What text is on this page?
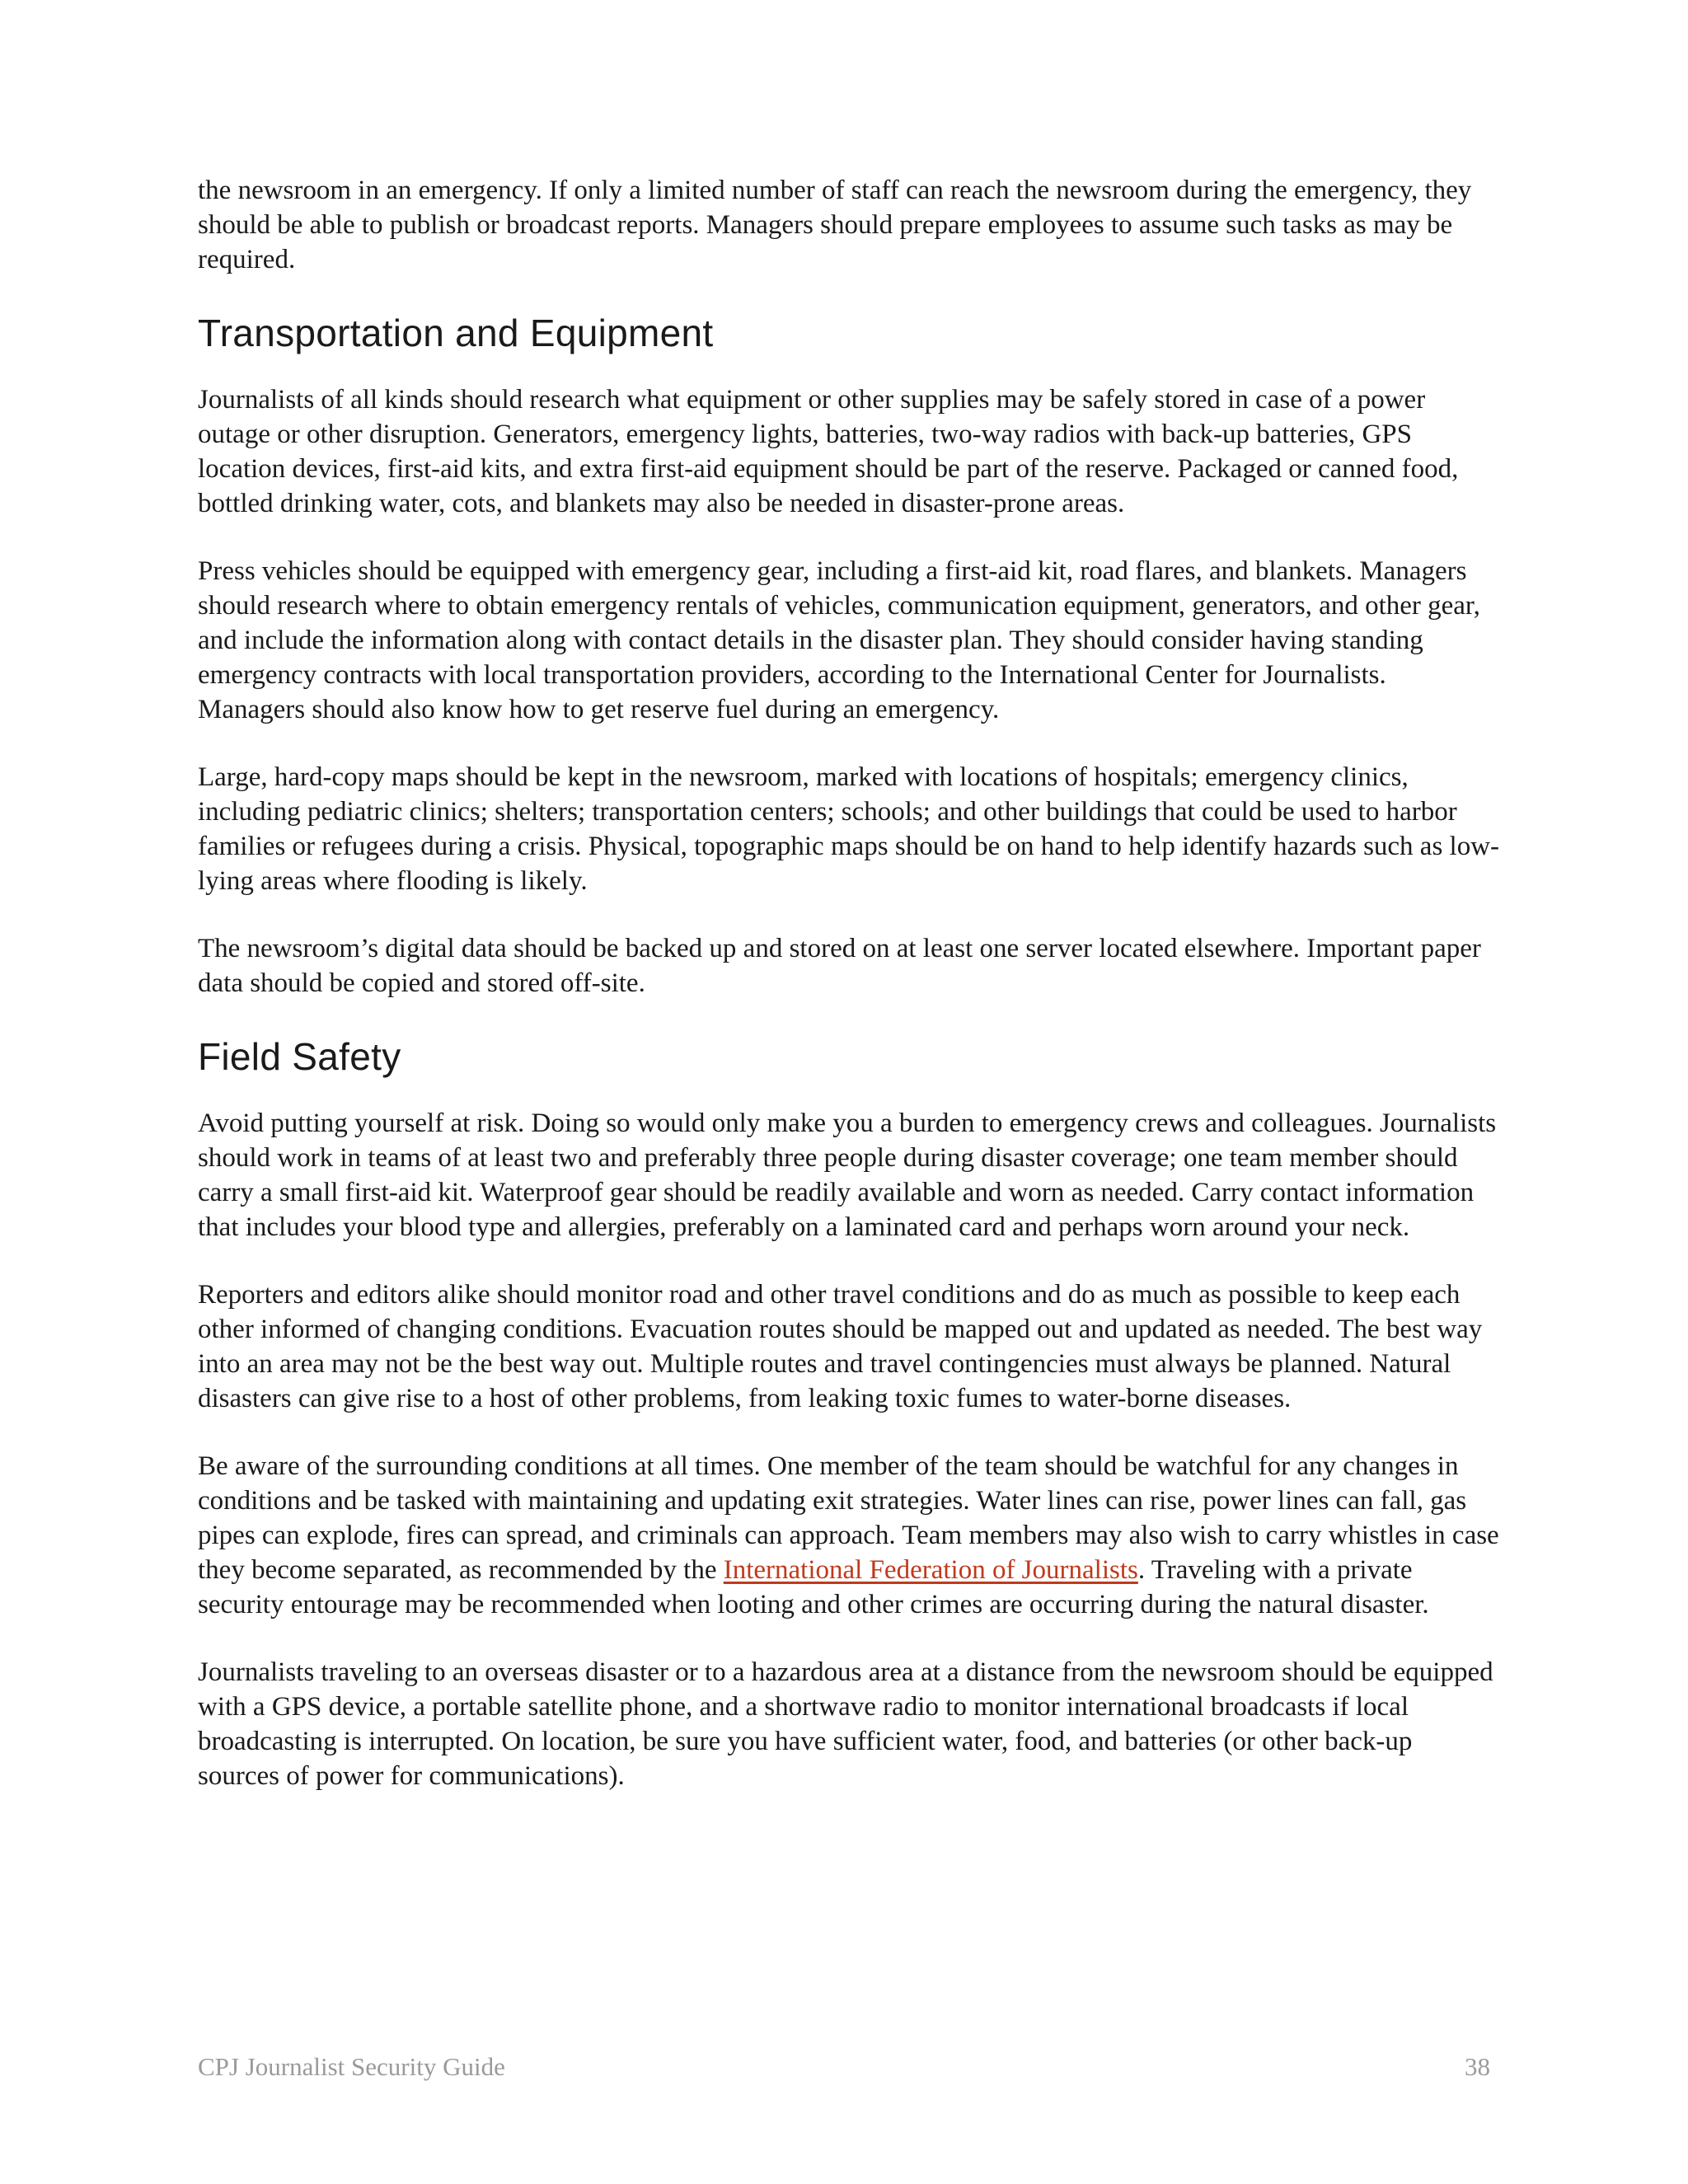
the newsroom in an emergency. If only a limited number of staff can reach the newsroom during the emergency, they should be able to publish or broadcast reports. Managers should prepare employees to assume such tasks as may be required.

Transportation and Equipment

Journalists of all kinds should research what equipment or other supplies may be safely stored in case of a power outage or other disruption. Generators, emergency lights, batteries, two-way radios with back-up batteries, GPS location devices, first-aid kits, and extra first-aid equipment should be part of the reserve. Packaged or canned food, bottled drinking water, cots, and blankets may also be needed in disaster-prone areas.

Press vehicles should be equipped with emergency gear, including a first-aid kit, road flares, and blankets. Managers should research where to obtain emergency rentals of vehicles, communication equipment, generators, and other gear, and include the information along with contact details in the disaster plan. They should consider having standing emergency contracts with local transportation providers, according to the International Center for Journalists. Managers should also know how to get reserve fuel during an emergency.

Large, hard-copy maps should be kept in the newsroom, marked with locations of hospitals; emergency clinics, including pediatric clinics; shelters; transportation centers; schools; and other buildings that could be used to harbor families or refugees during a crisis. Physical, topographic maps should be on hand to help identify hazards such as low-lying areas where flooding is likely.

The newsroom’s digital data should be backed up and stored on at least one server located elsewhere. Important paper data should be copied and stored off-site.

Field Safety

Avoid putting yourself at risk. Doing so would only make you a burden to emergency crews and colleagues. Journalists should work in teams of at least two and preferably three people during disaster coverage; one team member should carry a small first-aid kit. Waterproof gear should be readily available and worn as needed. Carry contact information that includes your blood type and allergies, preferably on a laminated card and perhaps worn around your neck.

Reporters and editors alike should monitor road and other travel conditions and do as much as possible to keep each other informed of changing conditions. Evacuation routes should be mapped out and updated as needed. The best way into an area may not be the best way out. Multiple routes and travel contingencies must always be planned. Natural disasters can give rise to a host of other problems, from leaking toxic fumes to water-borne diseases.

Be aware of the surrounding conditions at all times. One member of the team should be watchful for any changes in conditions and be tasked with maintaining and updating exit strategies. Water lines can rise, power lines can fall, gas pipes can explode, fires can spread, and criminals can approach. Team members may also wish to carry whistles in case they become separated, as recommended by the International Federation of Journalists. Traveling with a private security entourage may be recommended when looting and other crimes are occurring during the natural disaster.

Journalists traveling to an overseas disaster or to a hazardous area at a distance from the newsroom should be equipped with a GPS device, a portable satellite phone, and a shortwave radio to monitor international broadcasts if local broadcasting is interrupted. On location, be sure you have sufficient water, food, and batteries (or other back-up sources of power for communications).

CPJ Journalist Security Guide	38
